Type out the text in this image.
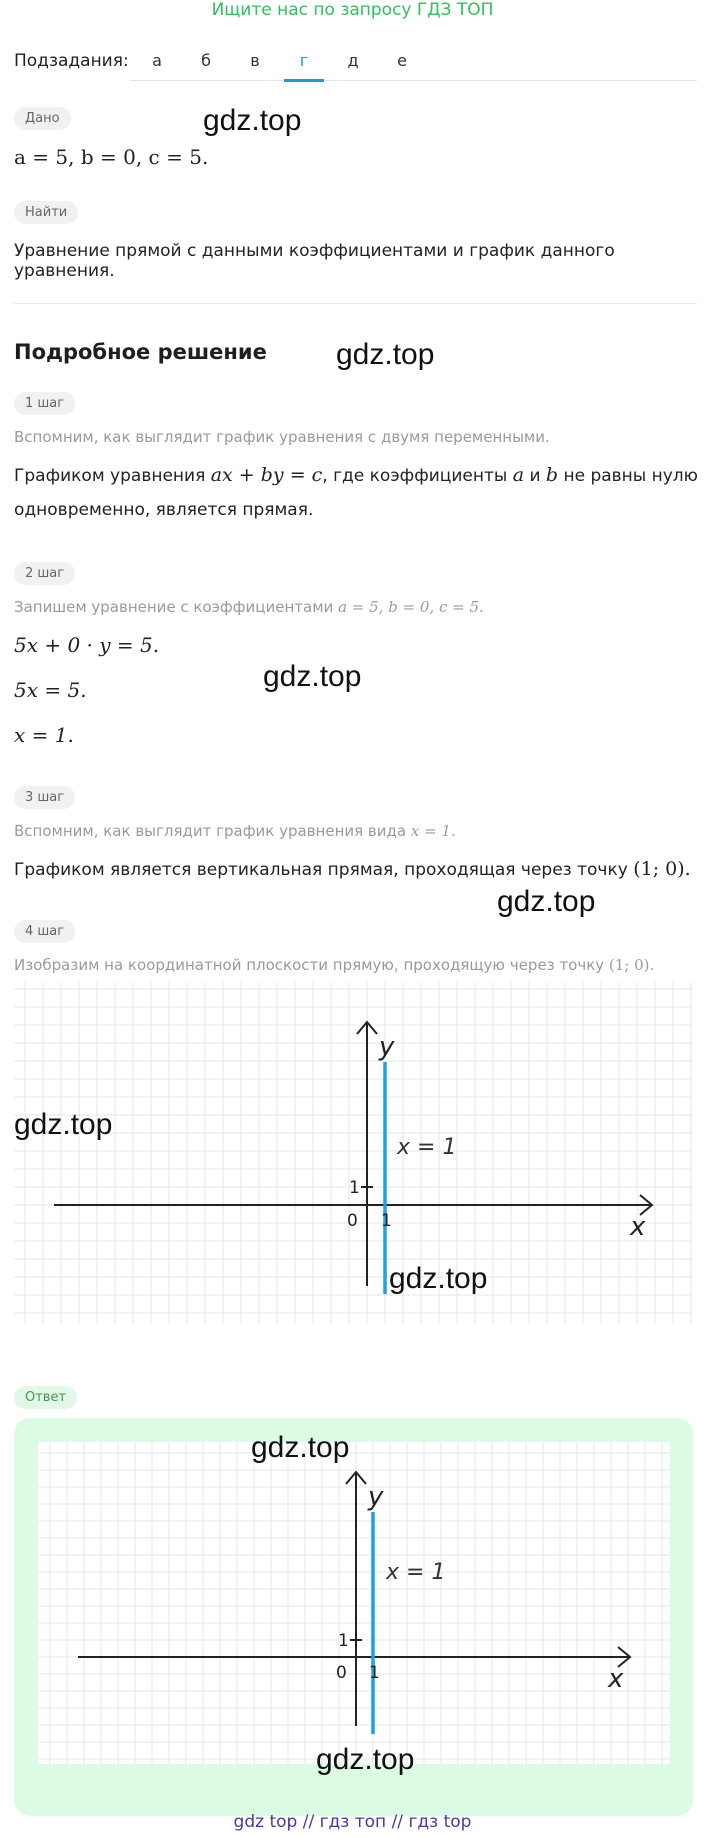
Ищите нас по запросу ГДЗ ТОП
Подзадания:	а	б	в	г	д	е
Дано
a = 5, b = 0, c = 5.
Найти
Уравнение прямой с данными коэффициентами и график данного уравнения.
Подробное решение
1 шаг
Вспомним, как выглядит график уравнения с двумя переменными.
Графиком уравнения ax + by = c, где коэффициенты a и b не равны нулю
одновременно, является прямая.
2 шаг
Запишем уравнение с коэффициентами a = 5, b = 0, c = 5.
5x + 0 · y = 5.
5x = 5.
x = 1.
3 шаг
Вспомним, как выглядит график уравнения вида x = 1.
Графиком является вертикальная прямая, проходящая через точку (1; 0).
4 шаг
Изобразим на координатной плоскости прямую, проходящую через точку (1; 0).
x
y
0 1
1
x = 1
Ответ
x
y
0 1
1
x = 1
gdz.top
gdz.top
gdz.top
gdz.top
gdz.top
gdz.top
gdz.top
gdz.top
gdz top // гдз топ // гдз top
